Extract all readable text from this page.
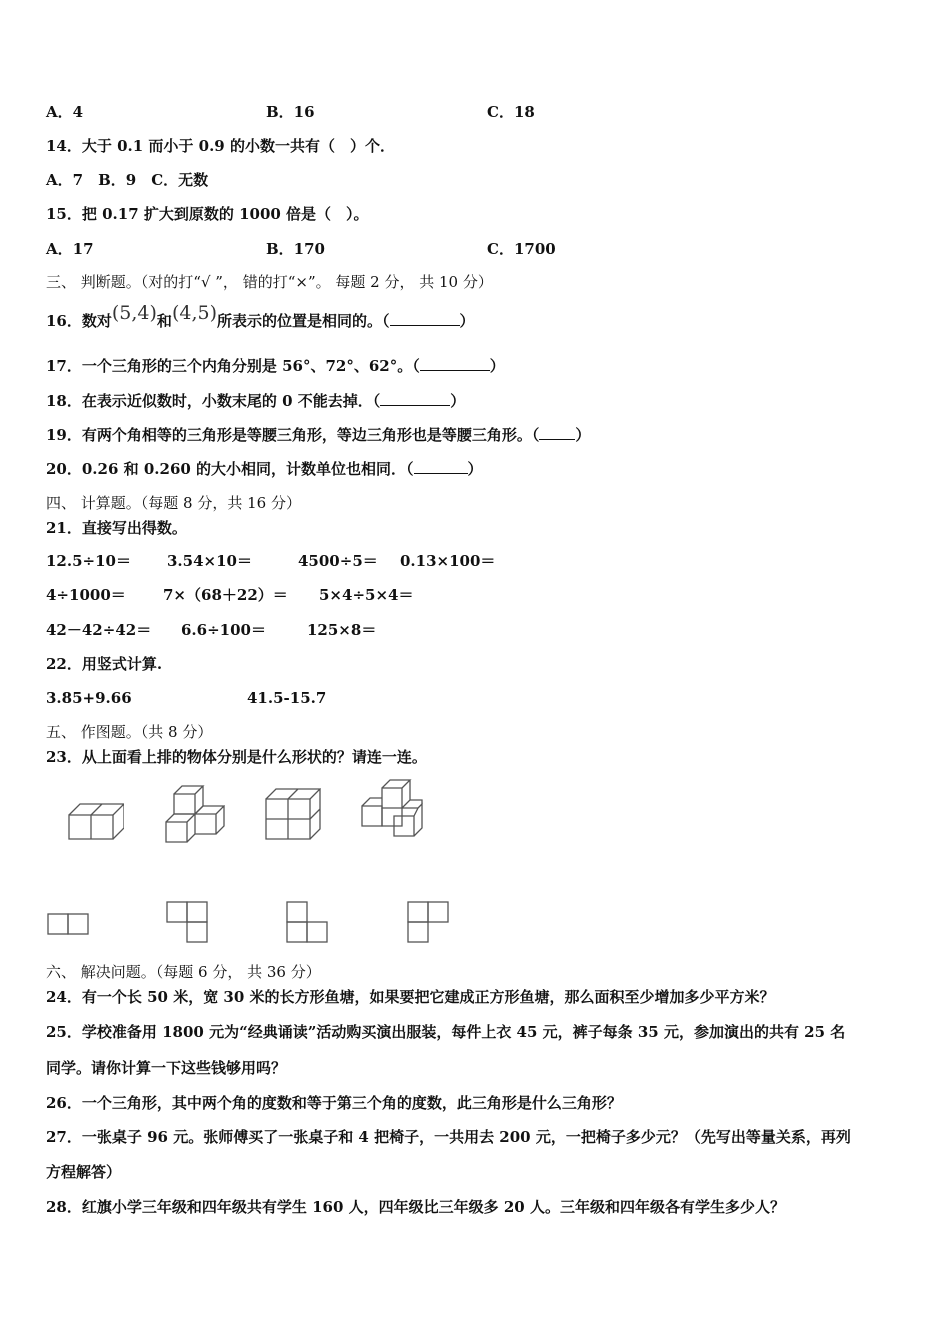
A．4	B．16	C．18
14．大于 0.1 而小于 0.9 的小数一共有（　）个．
A．7　B．9　C．无数
15．把 0.17 扩大到原数的 1000 倍是（　）。
A．17	B．170	C．1700
三、 判断题。（对的打“√ ”， 错的打“×”。 每题 2 分， 共 10 分）
16．数对(5,4)和(4,5)所表示的位置是相同的。（	）
17．一个三角形的三个内角分别是 56°、72°、62°。（	）
18．在表示近似数时，小数末尾的 0 不能去掉．（	）
19．有两个角相等的三角形是等腰三角形，等边三角形也是等腰三角形。（ ）
20．0.26 和 0.260 的大小相同，计数单位也相同．（	）
四、 计算题。（每题 8 分，共 16 分）
21．直接写出得数。
12.5÷10＝ 3.54×10＝	4500÷5＝ 0.13×100＝
4÷1000＝ 7×（68＋22）＝ 5×4÷5×4＝
42－42÷42＝ 6.6÷100＝	125×8＝
22．用竖式计算.
3.85+9.66	41.5-15.7
五、 作图题。（共 8 分）
23．从上面看上排的物体分别是什么形状的？请连一连。
六、 解决问题。（每题 6 分， 共 36 分）
24．有一个长 50 米，宽 30 米的长方形鱼塘，如果要把它建成正方形鱼塘，那么面积至少增加多少平方米？
25．学校准备用 1800 元为“经典诵读”活动购买演出服装，每件上衣 45 元，裤子每条 35 元，参加演出的共有 25 名
同学。请你计算一下这些钱够用吗？
26．一个三角形，其中两个角的度数和等于第三个角的度数，此三角形是什么三角形？
27．一张桌子 96 元。张师傅买了一张桌子和 4 把椅子，一共用去 200 元，一把椅子多少元？（先写出等量关系，再列
方程解答）
28．红旗小学三年级和四年级共有学生 160 人，四年级比三年级多 20 人。三年级和四年级各有学生多少人？
